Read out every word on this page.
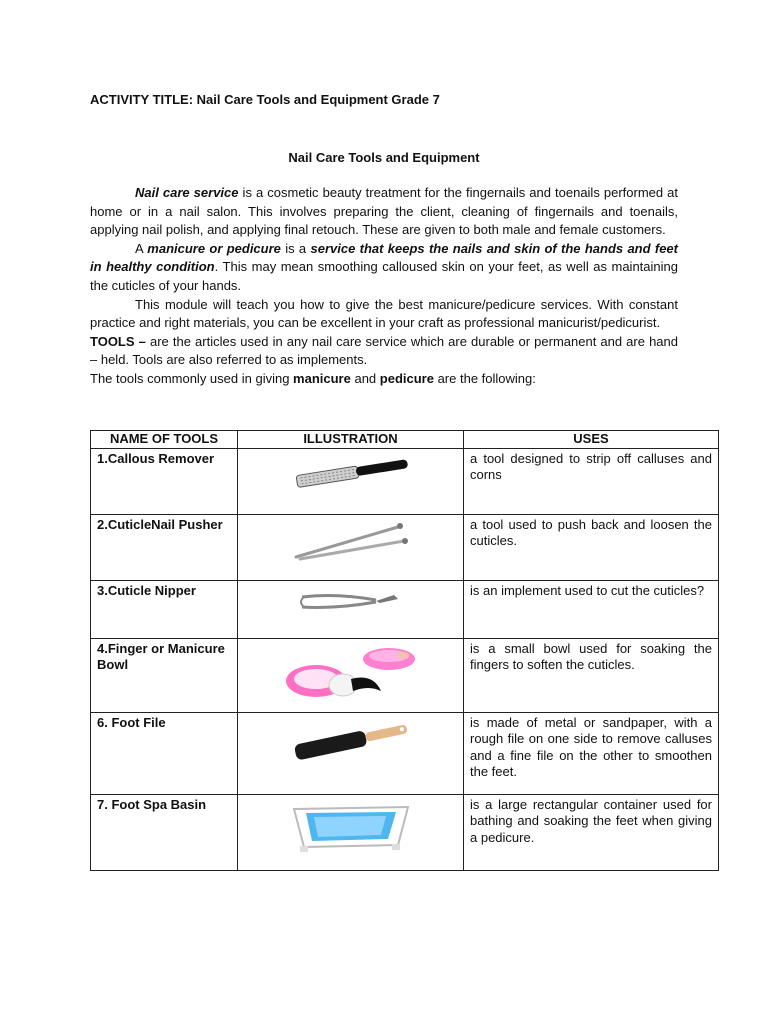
ACTIVITY TITLE: Nail Care Tools and Equipment Grade 7
Nail Care Tools and Equipment

Nail care service is a cosmetic beauty treatment for the fingernails and toenails performed at home or in a nail salon. This involves preparing the client, cleaning of fingernails and toenails, applying nail polish, and applying final retouch. These are given to both male and female customers.

A manicure or pedicure is a service that keeps the nails and skin of the hands and feet in healthy condition. This may mean smoothing calloused skin on your feet, as well as maintaining the cuticles of your hands.

This module will teach you how to give the best manicure/pedicure services. With constant practice and right materials, you can be excellent in your craft as professional manicurist/pedicurist.

TOOLS – are the articles used in any nail care service which are durable or permanent and are hand – held. Tools are also referred to as implements.

The tools commonly used in giving manicure and pedicure are the following:

NAME OF TOOLS	ILLUSTRATION	USES
1.Callous Remover		a tool designed to strip off calluses and corns
2.CuticleNail Pusher		a tool used to push back and loosen the cuticles.
3.Cuticle Nipper		is an implement used to cut the cuticles?
4.Finger or Manicure Bowl		is a small bowl used for soaking the fingers to soften the cuticles.
6. Foot File		is made of metal or sandpaper, with a rough file on one side to remove calluses and a fine file on the other to smoothen the feet.
7. Foot Spa Basin		is a large rectangular container used for bathing and soaking the feet when giving a pedicure.
